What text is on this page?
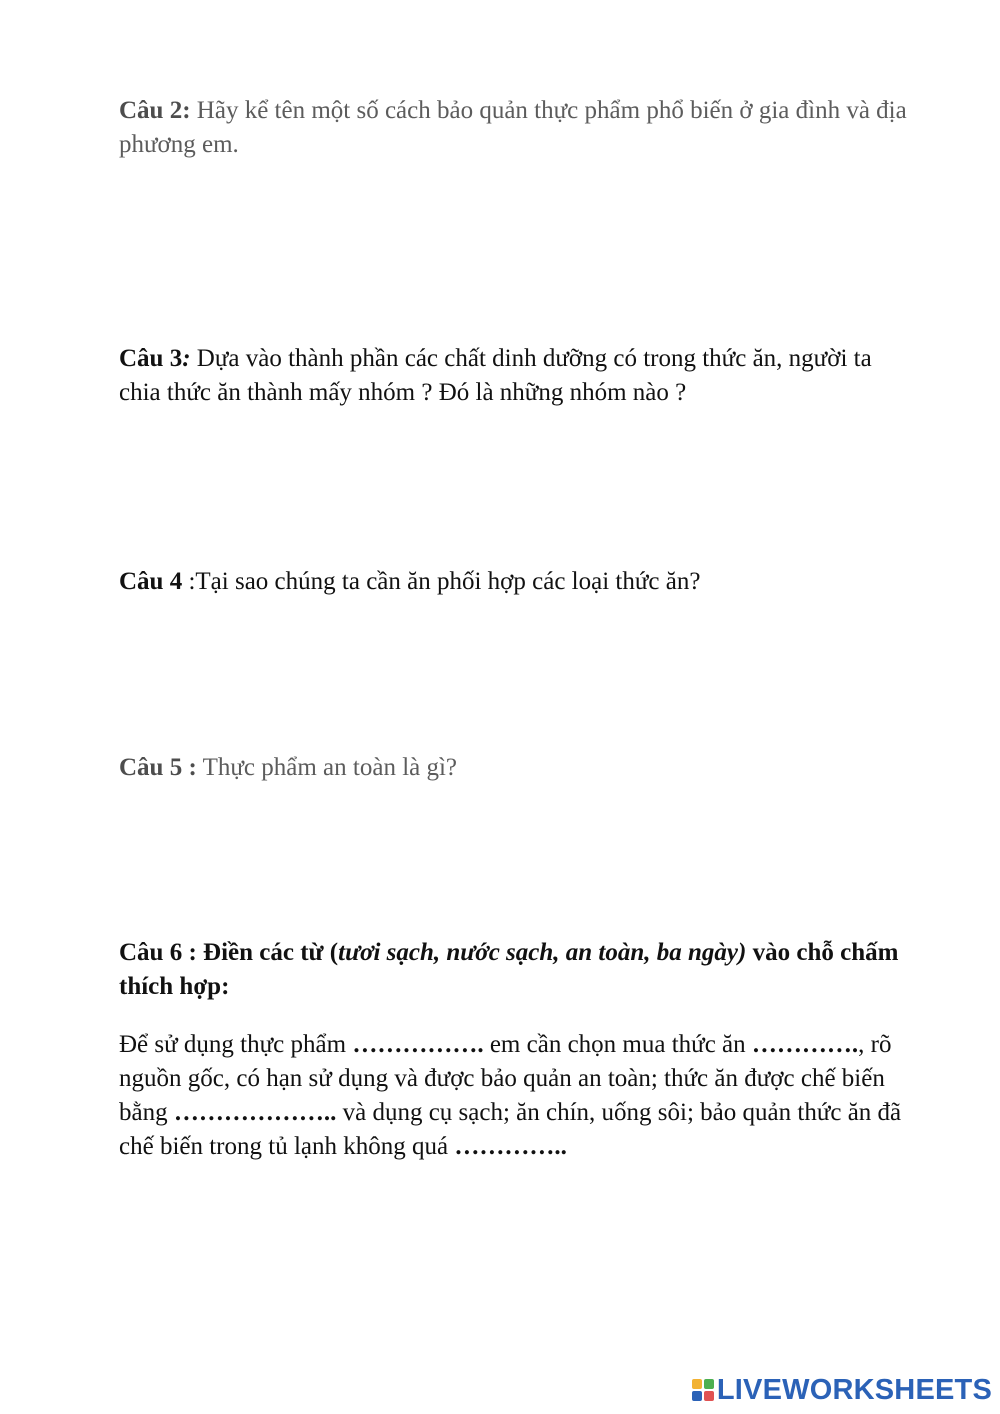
Câu 2: Hãy kể tên một số cách bảo quản thực phẩm phổ biến ở gia đình và địa phương em.

Câu 3: Dựa vào thành phần các chất dinh dưỡng có trong thức ăn, người ta chia thức ăn thành mấy nhóm ? Đó là những nhóm nào ?

Câu 4 :Tại sao chúng ta cần ăn phối hợp các loại thức ăn?

Câu 5 : Thực phẩm an toàn là gì?

Câu 6 : Điền các từ (tươi sạch, nước sạch, an toàn, ba ngày) vào chỗ chấm thích hợp:

Để sử dụng thực phẩm ……………. em cần chọn mua thức ăn …………., rõ nguồn gốc, có hạn sử dụng và được bảo quản an toàn; thức ăn được chế biến bằng ……………….. và dụng cụ sạch; ăn chín, uống sôi; bảo quản thức ăn đã chế biến trong tủ lạnh không quá …………..

LIVEWORKSHEETS
